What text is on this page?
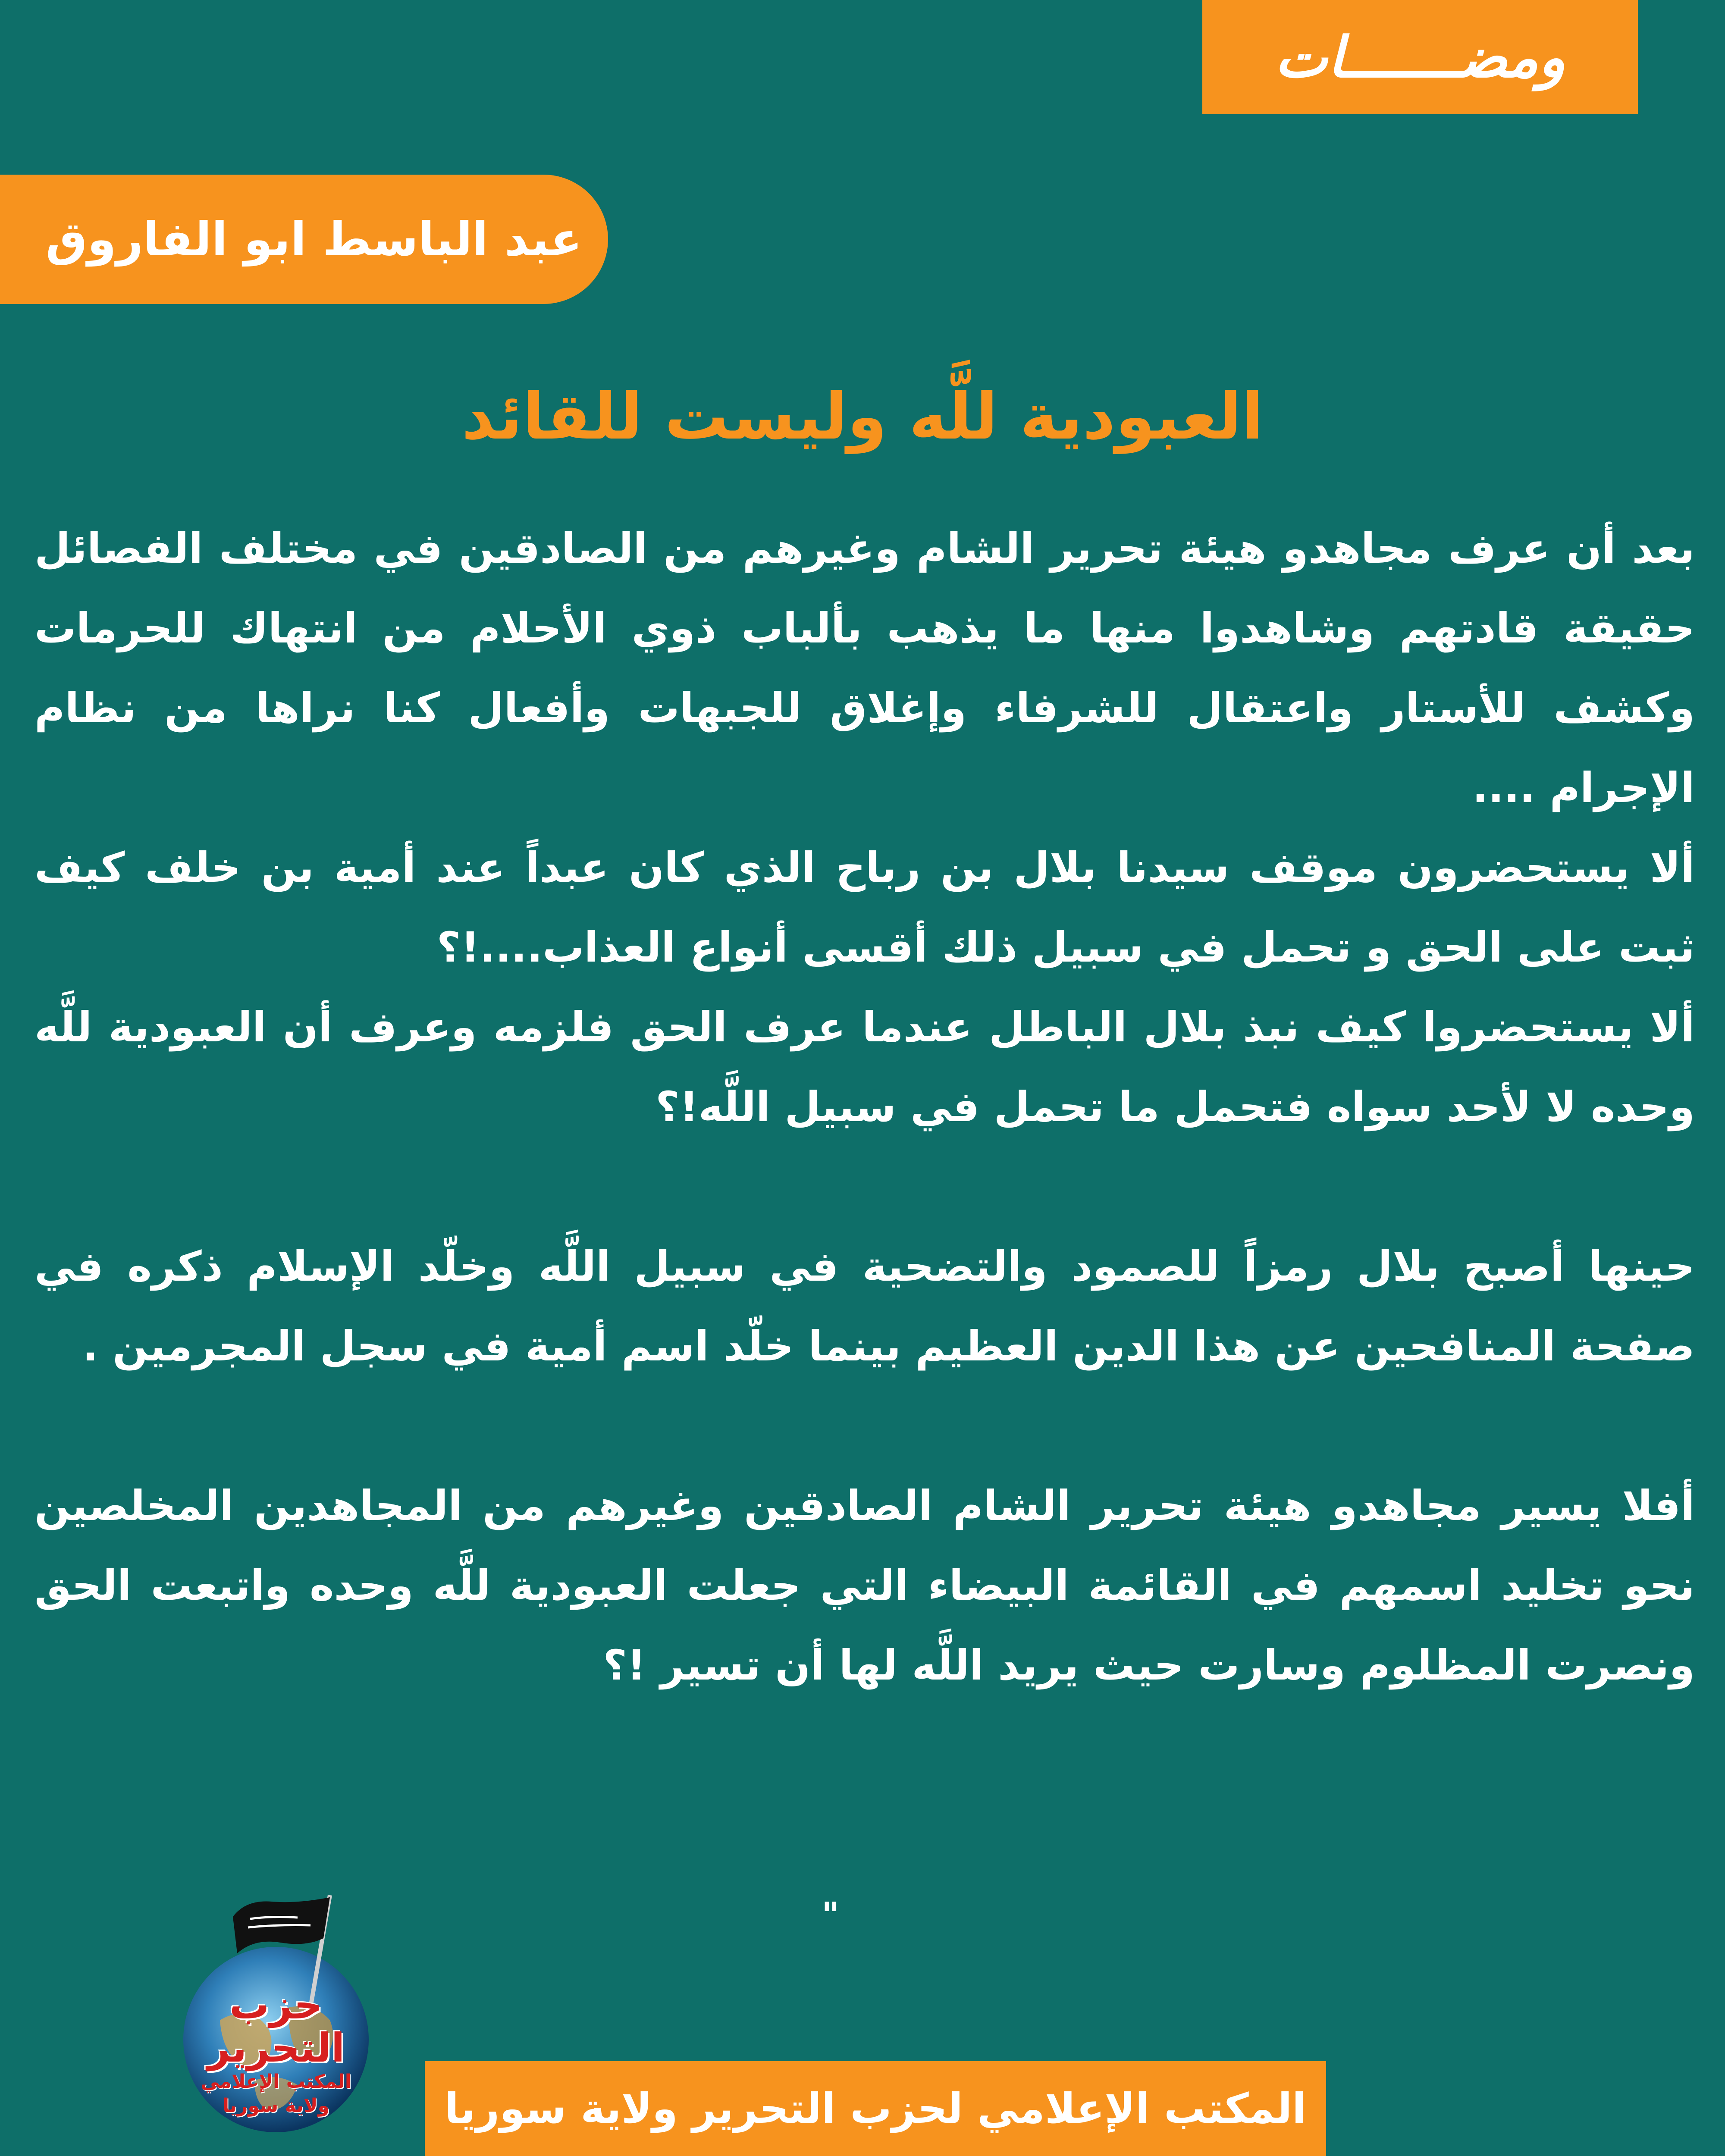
ومضـــــــات
عبد الباسط ابو الفاروق
العبودية للَّه وليست للقائد

بعد أن عرف مجاهدو هيئة تحرير الشام وغيرهم من الصادقين في مختلف الفصائل حقيقة قادتهم وشاهدوا منها ما يذهب بألباب ذوي الأحلام من انتهاك للحرمات وكشف للأستار واعتقال للشرفاء وإغلاق للجبهات وأفعال كنا نراها من نظام الإجرام ....

ألا يستحضرون موقف سيدنا بلال بن رباح الذي كان عبداً عند أمية بن خلف كيف ثبت على الحق و تحمل في سبيل ذلك أقسى أنواع العذاب....!؟

ألا يستحضروا كيف نبذ بلال الباطل عندما عرف الحق فلزمه وعرف أن العبودية للَّه وحده لا لأحد سواه فتحمل ما تحمل في سبيل اللَّه!؟

حينها أصبح بلال رمزاً للصمود والتضحية في سبيل اللَّه وخلّد الإسلام ذكره في صفحة المنافحين عن هذا الدين العظيم بينما خلّد اسم أمية في سجل المجرمين .

أفلا يسير مجاهدو هيئة تحرير الشام الصادقين وغيرهم من المجاهدين المخلصين نحو تخليد اسمهم في القائمة البيضاء التي جعلت العبودية للَّه وحده واتبعت الحق ونصرت المظلوم وسارت حيث يريد اللَّه لها أن تسير !؟

"
حزب التحرير
المكتب الإعلامي
ولاية سوريا	المكتب الإعلامي لحزب التحرير ولاية سوريا
